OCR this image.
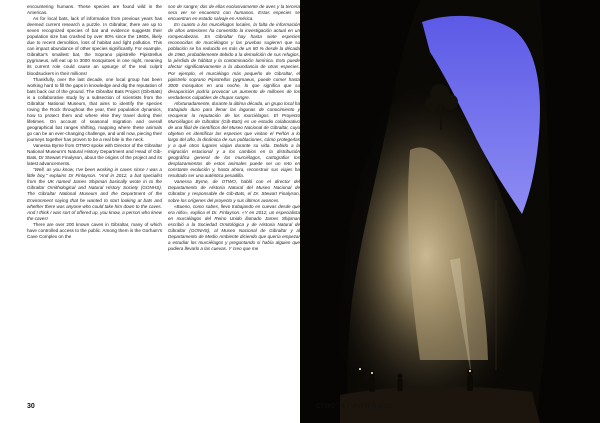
encountering humans. These species are found wild in the Americas.

As for local bats, lack of information from previous years has deemed current research a puzzle. In Gibraltar, there are up to seven recognized species of bat and evidence suggests their population size has crashed by over 80% since the 1960s, likely due to recent demolition, loss of habitat and light pollution. This can impact abundance of other species significantly. For example, Gibraltar's smallest bat, the Soprano pipistrelle Pipistrellus pygmaeus, will eat up to 3000 mosquitoes in one night, meaning its current role could cause an upsurge of the real culprit bloodsuckers in their millions!

Thankfully, over the last decade, one local group has been working hard to fill the gaps in knowledge and dig the reputation of bats back out of the ground. The Gibraltar Bats Project (Gib-Bats) is a collaborative study by a subsection of scientists from the Gibraltar National Museum, that aims to identify the species roving the Rock throughout the year, their population dynamics, how to protect them and where else they travel during their lifetimes. On account of seasonal migration and overall geographical bat ranges shifting, mapping where these animals go can be an ever-changing challenge, and until now, piecing their journeys together has proven to be a real bite in the neck.

Vanessa Byrne from OTWO spoke with Director of the Gibraltar National Museum's Natural History Department and Head of Gib-Bats, Dr Stewart Finalyson, about the origins of the project and its latest advancements.

"Well, as you know, I've been working in caves since I was a little boy," explains Dr Finlayson. "And in 2012, a bat specialist from the UK named James Shipman basically wrote in to the Gibraltar Ornithological and Natural History Society (GONHS). The Gibraltar National Museum and the Department of the Environment saying that he wanted to start looking at bats and whether there was anyone who could take him down to the caves. And I think I was sort of offered up, you know, a person who knew the caves!

There are over 200 known caves in Gibraltar, many of which have controlled access to the public. Among them is the Gorham's Cave Complex on the

son de sangre; dos de ellas exclusivamente de aves y la tercera sera ver se encuentra con humanos. Estas especies se encuentran en estado salvaje en América.

En cuanto a los murciélagos locales, la falta de información de años anteriores ha convertido la investigación actual en un rompecabezas. En Gibraltar hay hasta siete especies reconocidas de murciélagos y las pruebas sugieren que su población se ha reducido en más de un 80 % desde la década de 1960, probablemente debido a la demolición de sus refugios, la pérdida de hábitat y la contaminación lumínica. Esto puede afectar significativamente a la abundancia de otras especies. Por ejemplo, el murciélago más pequeño de Gibraltar, el pipistrelo soprano Pipistrellus pygmaeus, puede comer hasta 3000 mosquitos en una noche, lo que significa que su desaparición podría provocar un aumento de millones de los verdaderos culpables de chupar sangre.

Afortunadamente, durante la última década, un grupo local ha trabajado duro para llenar las lagunas de conocimiento y recuperar la reputación de los murciélagos. El Proyecto Murciélagos de Gibraltar (Gib-Bats) es un estudio colaborativo de una filial de científicos del Museo Nacional de Gibraltar, cuyo objetivo es identificar las especies que visitan el Peñón a lo largo del año, la dinámica de sus poblaciones, cómo protegerlas y a qué otros lugares viajan durante su vida. Debido a la migración estacional y a los cambios en la distribución geográfica general de los murciélagos, cartografiar los desplazamientos de estos animales puede ser un reto en constante evolución y, hasta ahora, reconstruir sus viajes ha resultado ser una auténtica pesadilla.

Vanessa Byrne, de OTWO, habló con el director del Departamento de Historia Natural del Museo Nacional de Gibraltar y responsable de Gib-Bats, el Dr. Stewart Finalyson, sobre los orígenes del proyecto y sus últimos avances.

«Bueno, como sabes, llevo trabajando en cuevas desde que era niño», explica el Dr. Finlayson. «Y en 2012, un especialista en murciélagos del Reino Unido llamado James Shipman escribió a la Sociedad Ornitológica y de Historia Natural de Gibraltar (GONHS), al Museo Nacional de Gibraltar y al Departamento de Medio Ambiente diciendo que quería empezar a estudiar los murciélagos y preguntando si había alguien que pudiera llevarlo a las cuevas. Y creo que me

30	OTWO 74 / WINTER 2025
